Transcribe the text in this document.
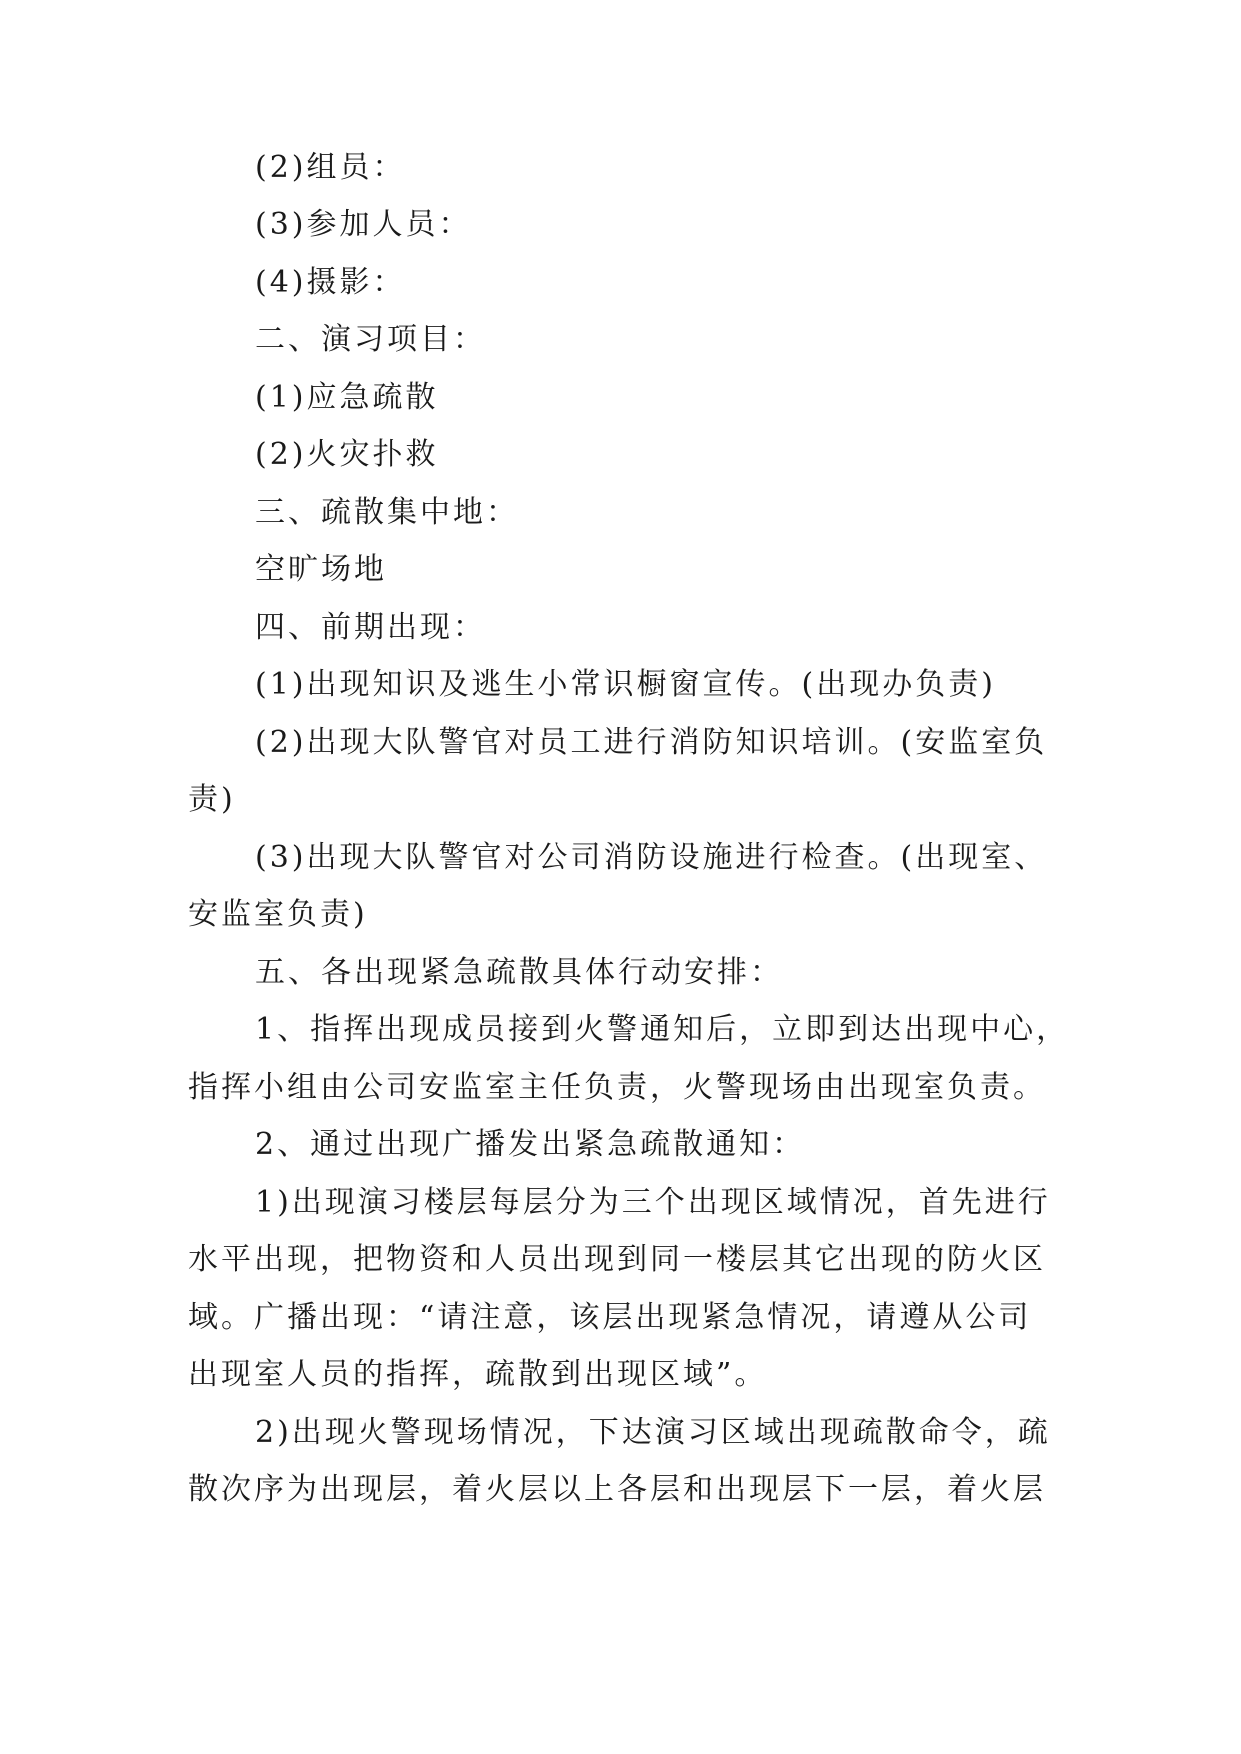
(2)组员：
(3)参加人员：
(4)摄影：
二、演习项目：
(1)应急疏散
(2)火灾扑救
三、疏散集中地：
空旷场地
四、前期出现：
(1)出现知识及逃生小常识橱窗宣传。(出现办负责)
(2)出现大队警官对员工进行消防知识培训。(安监室负
责)
(3)出现大队警官对公司消防设施进行检查。(出现室、
安监室负责)
五、各出现紧急疏散具体行动安排：
1、指挥出现成员接到火警通知后，立即到达出现中心，
指挥小组由公司安监室主任负责，火警现场由出现室负责。
2、通过出现广播发出紧急疏散通知：
1)出现演习楼层每层分为三个出现区域情况，首先进行
水平出现，把物资和人员出现到同一楼层其它出现的防火区
域。广播出现：“请注意，该层出现紧急情况，请遵从公司
出现室人员的指挥，疏散到出现区域”。
2)出现火警现场情况，下达演习区域出现疏散命令，疏
散次序为出现层，着火层以上各层和出现层下一层，着火层
